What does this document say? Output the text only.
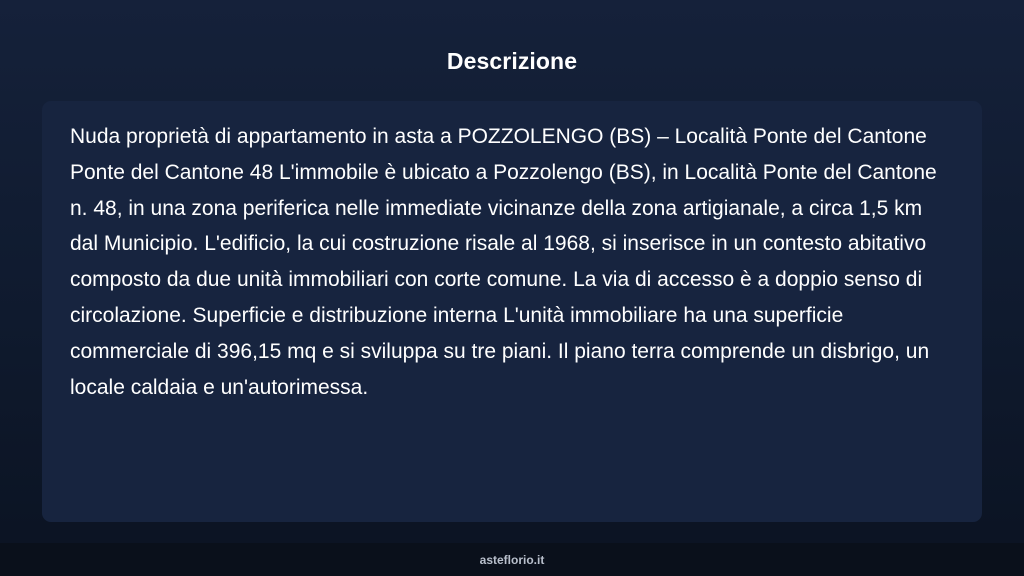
Descrizione

Nuda proprietà di appartamento in asta a POZZOLENGO (BS) – Località Ponte del Cantone Ponte del Cantone 48 L'immobile è ubicato a Pozzolengo (BS), in Località Ponte del Cantone n. 48, in una zona periferica nelle immediate vicinanze della zona artigianale, a circa 1,5 km dal Municipio. L'edificio, la cui costruzione risale al 1968, si inserisce in un contesto abitativo composto da due unità immobiliari con corte comune. La via di accesso è a doppio senso di circolazione. Superficie e distribuzione interna L'unità immobiliare ha una superficie commerciale di 396,15 mq e si sviluppa su tre piani. Il piano terra comprende un disbrigo, un locale caldaia e un'autorimessa.

asteflorio.it
